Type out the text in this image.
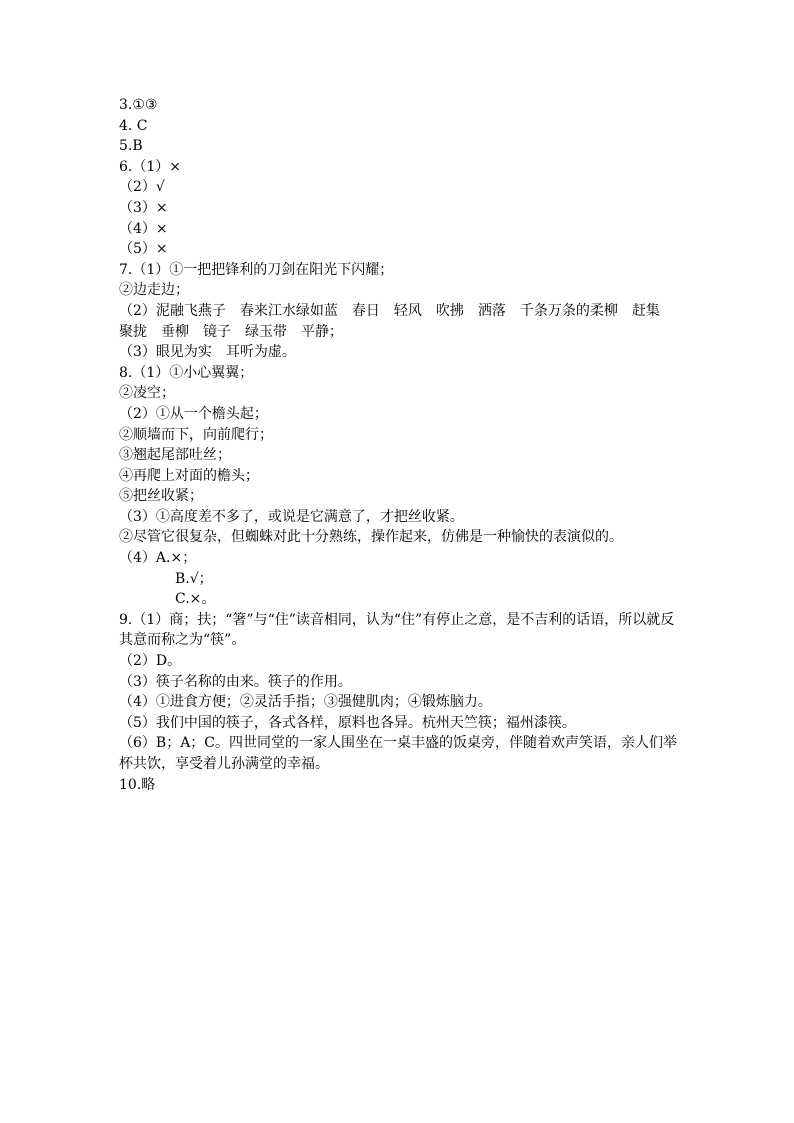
3.①③
4. C
5.B
6.（1）×
（2）√
（3）×
（4）×
（5）×
7.（1）①一把把锋利的刀剑在阳光下闪耀；
②边走边；
（2）泥融飞燕子　春来江水绿如蓝　春日　轻风　吹拂　洒落　千条万条的柔柳　赶集　聚拢　垂柳　镜子　绿玉带　平静；
（3）眼见为实　耳听为虚。
8.（1）①小心翼翼；
②凌空；
（2）①从一个檐头起；
②顺墙而下，向前爬行；
③翘起尾部吐丝；
④再爬上对面的檐头；
⑤把丝收紧；
（3）①高度差不多了，或说是它满意了，才把丝收紧。
②尽管它很复杂，但蜘蛛对此十分熟练，操作起来，仿佛是一种愉快的表演似的。
（4）A.×；
B.√；
C.×。
9.（1）商；扶；“箸”与“住”读音相同，认为“住”有停止之意，是不吉利的话语，所以就反其意而称之为“筷”。
（2）D。
（3）筷子名称的由来。筷子的作用。
（4）①进食方便；②灵活手指；③强健肌肉；④锻炼脑力。
（5）我们中国的筷子，各式各样，原料也各异。杭州天竺筷；福州漆筷。
（6）B；A；C。四世同堂的一家人围坐在一桌丰盛的饭桌旁，伴随着欢声笑语，亲人们举杯共饮，享受着儿孙满堂的幸福。
10.略
